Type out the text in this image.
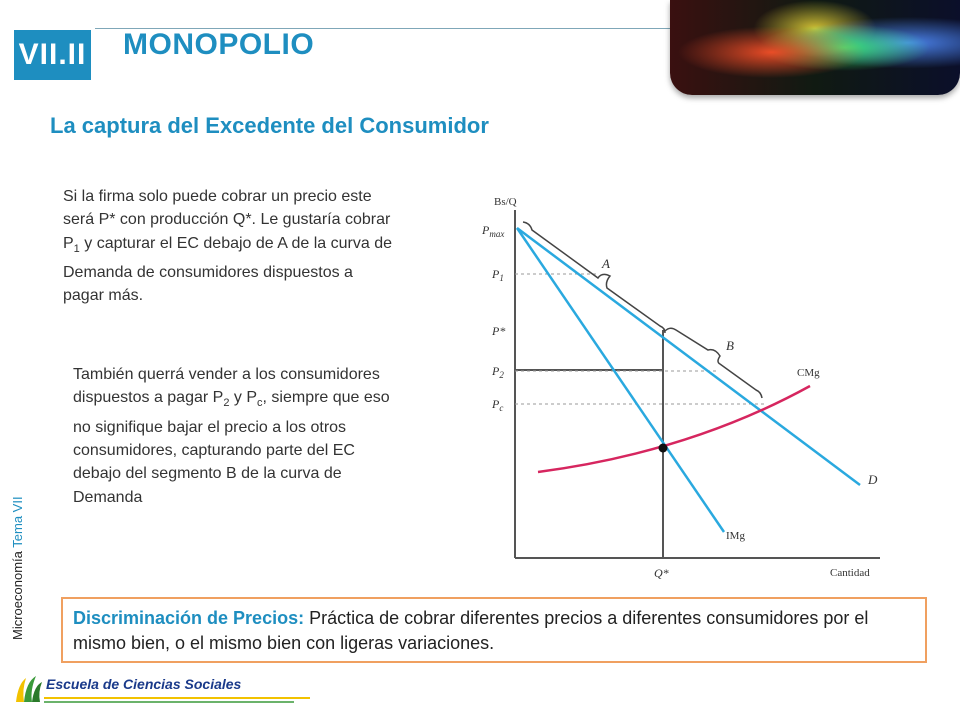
VII.II MONOPOLIO
La captura del Excedente del Consumidor
Si la firma solo puede cobrar un precio este será P* con producción Q*. Le gustaría cobrar $P_1$ y capturar el EC debajo de A de la curva de Demanda de consumidores dispuestos a pagar más.
También querrá vender a los consumidores dispuestos a pagar $P_2$ y $P_c$, siempre que eso no signifique bajar el precio a los otros consumidores, capturando parte del EC debajo del segmento B de la curva de Demanda
Microeconomía Tema VII
Bs/Q
Cantidad
$P_{max}$
$P_1$
P*
$P_2$
$P_c$
Q*
A
B
D
CMg
IMg
Discriminación de Precios: Práctica de cobrar diferentes precios a diferentes consumidores por el mismo bien, o el mismo bien con ligeras variaciones.
Escuela de Ciencias Sociales
